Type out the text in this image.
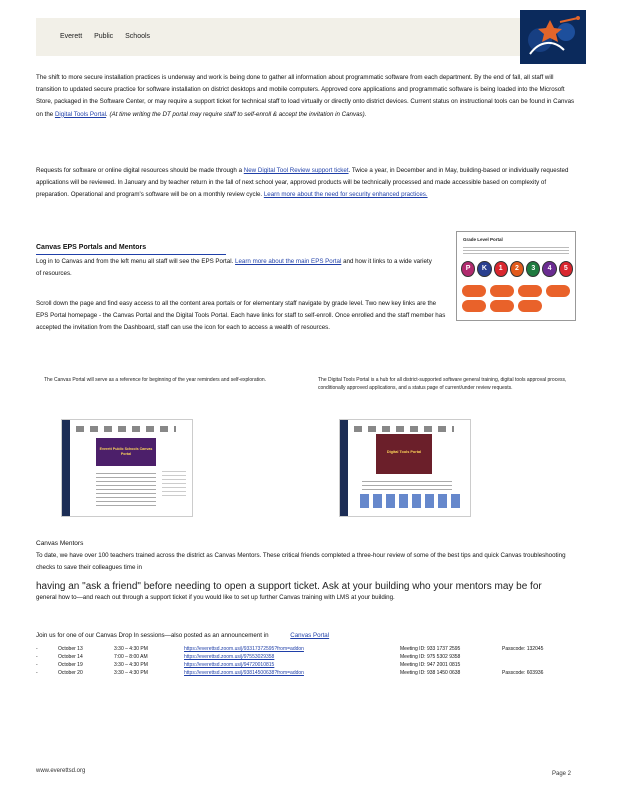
Everett Public Schools
The shift to more secure installation practices is underway and work is being done to gather all information about programmatic software from each department. By the end of fall, all staff will transition to updated secure practice for software installation on district desktops and mobile computers. Approved core applications and programmatic software is being loaded into the Microsoft Store, packaged in the Software Center, or may require a support ticket for technical staff to load virtually or directly onto district devices. Current status on instructional tools can be found in Canvas on the Digital Tools Portal. (At time writing the DT portal may require staff to self-enroll & accept the invitation in Canvas).
Requests for software or online digital resources should be made through a New Digital Tool Review support ticket. Twice a year, in December and in May, building-based or individually requested applications will be reviewed. In January and by teacher return in the fall of next school year, approved products will be technically processed and made accessible based on complexity of preparation. Operational and program's software will be on a monthly review cycle. Learn more about the need for security enhanced practices.
Canvas EPS Portals and Mentors
Log in to Canvas and from the left menu all staff will see the EPS Portal. Learn more about the main EPS Portal and how it links to a wide variety of resources.
Scroll down the page and find easy access to all the content area portals or for elementary staff navigate by grade level. Two new key links are the EPS Portal homepage - the Canvas Portal and the Digital Tools Portal. Each have links for staff to self-enroll. Once enrolled and the staff member has accepted the invitation from the Dashboard, staff can use the icon for each to access a wealth of resources.
Grade Level Portal
P	K	1	2	3	4	5
The Canvas Portal will serve as a reference for beginning of the year reminders and self-exploration.	The Digital Tools Portal is a hub for all district-supported software general training, digital tools approval process, conditionally approved applications, and a status page of current/under review requests.
Everett Public Schools Canvas Portal	Digital Tools Portal
Canvas Mentors
To date, we have over 100 teachers trained across the district as Canvas Mentors. These critical friends completed a three-hour review of some of the best tips and quick Canvas troubleshooting checks to save their colleagues time in
having an "ask a friend" before needing to open a support ticket. Ask at your building who your mentors may be for
general how to—and reach out through a support ticket if you would like to set up further Canvas training with LMS at your building.
Join us for one of our Canvas Drop In sessions—also posted as an announcement in	Canvas Portal
-	October 13	3:30 – 4:30 PM	https://everettsd.zoom.us/j/93317372595?from=addon	Meeting ID: 933 1737 2595	Passcode: 132045
-	October 14	7:00 – 8:00 AM	https://everettsd.zoom.us/j/97553029358	Meeting ID: 975 5302 9358
-	October 19	3:30 – 4:30 PM	https://everettsd.zoom.us/j/94720010815	Meeting ID: 947 2001 0815
-	October 20	3:30 – 4:30 PM	https://everettsd.zoom.us/j/93814500638?from=addon	Meeting ID: 938 1450 0638	Passcode: 603936
www.everettsd.org	Page 2
